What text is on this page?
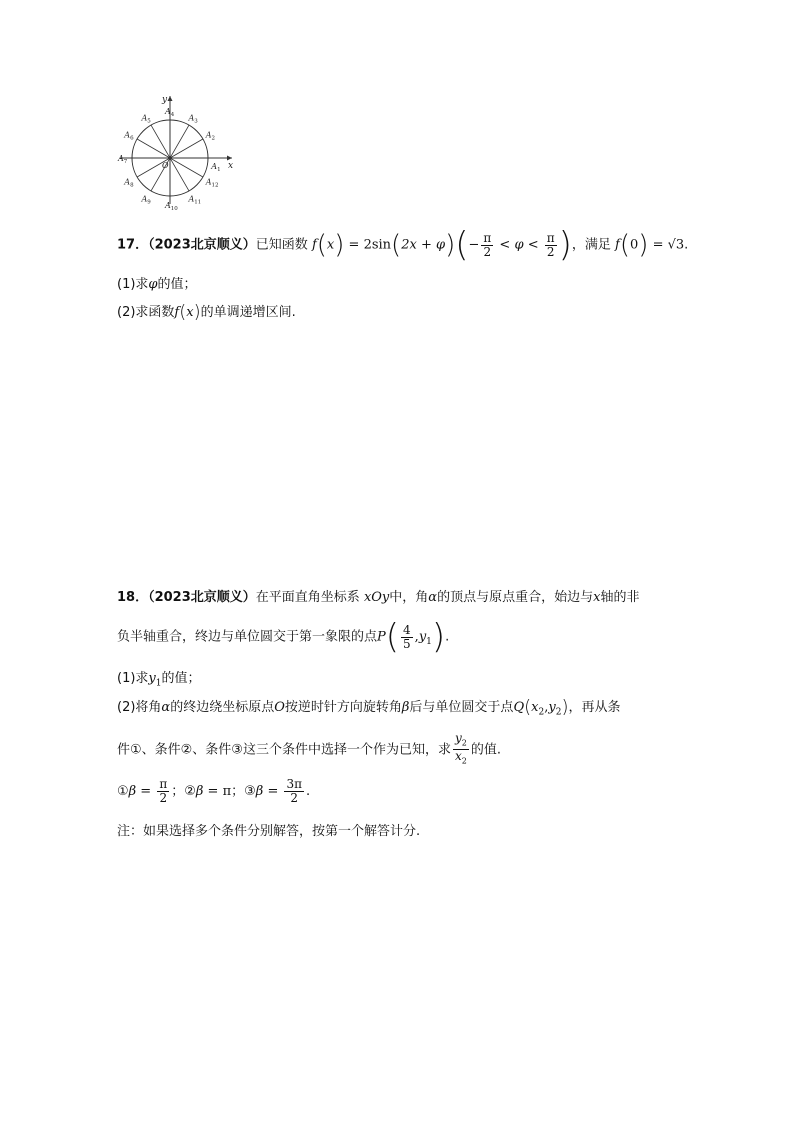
x
y
O	$A_1$
$A_2$
$A_3$
$A_4$
$A_5$
$A_6$
$A_7$
$A_8$
$A_9$ $A_{10}$
$A_{11}$
$A_{12}$
17．（2023北京顺义）已知函数 $f(x) = 2\sin(2x + \varphi)(- \frac{\pi}{2} < \varphi < \frac{\pi}{2}$ )，满足 f(0) = √3.
(1)求φ的值；
(2)求函数f(x)的单调递增区间.
18．（2023北京顺义）在平面直角坐标系 xOy中，角α的顶点与原点重合，始边与x轴的非
负半轴重合，终边与单位圆交于第一象限的点$P( \frac{4}{5} ,y_1)$.
(1)求$y_1$的值；
(2)将角α的终边绕坐标原点O按逆时针方向旋转角β后与单位圆交于点$Q(x_2,y_2)$，再从条
件①、条件②、条件③这三个条件中选择一个作为已知，求 $\frac{y_2}{x_2}$ 的值.
①β = $\frac{\pi}{2}$ ；②β = π；③β = $\frac{3\pi}{2}$ .
注：如果选择多个条件分别解答，按第一个解答计分.
